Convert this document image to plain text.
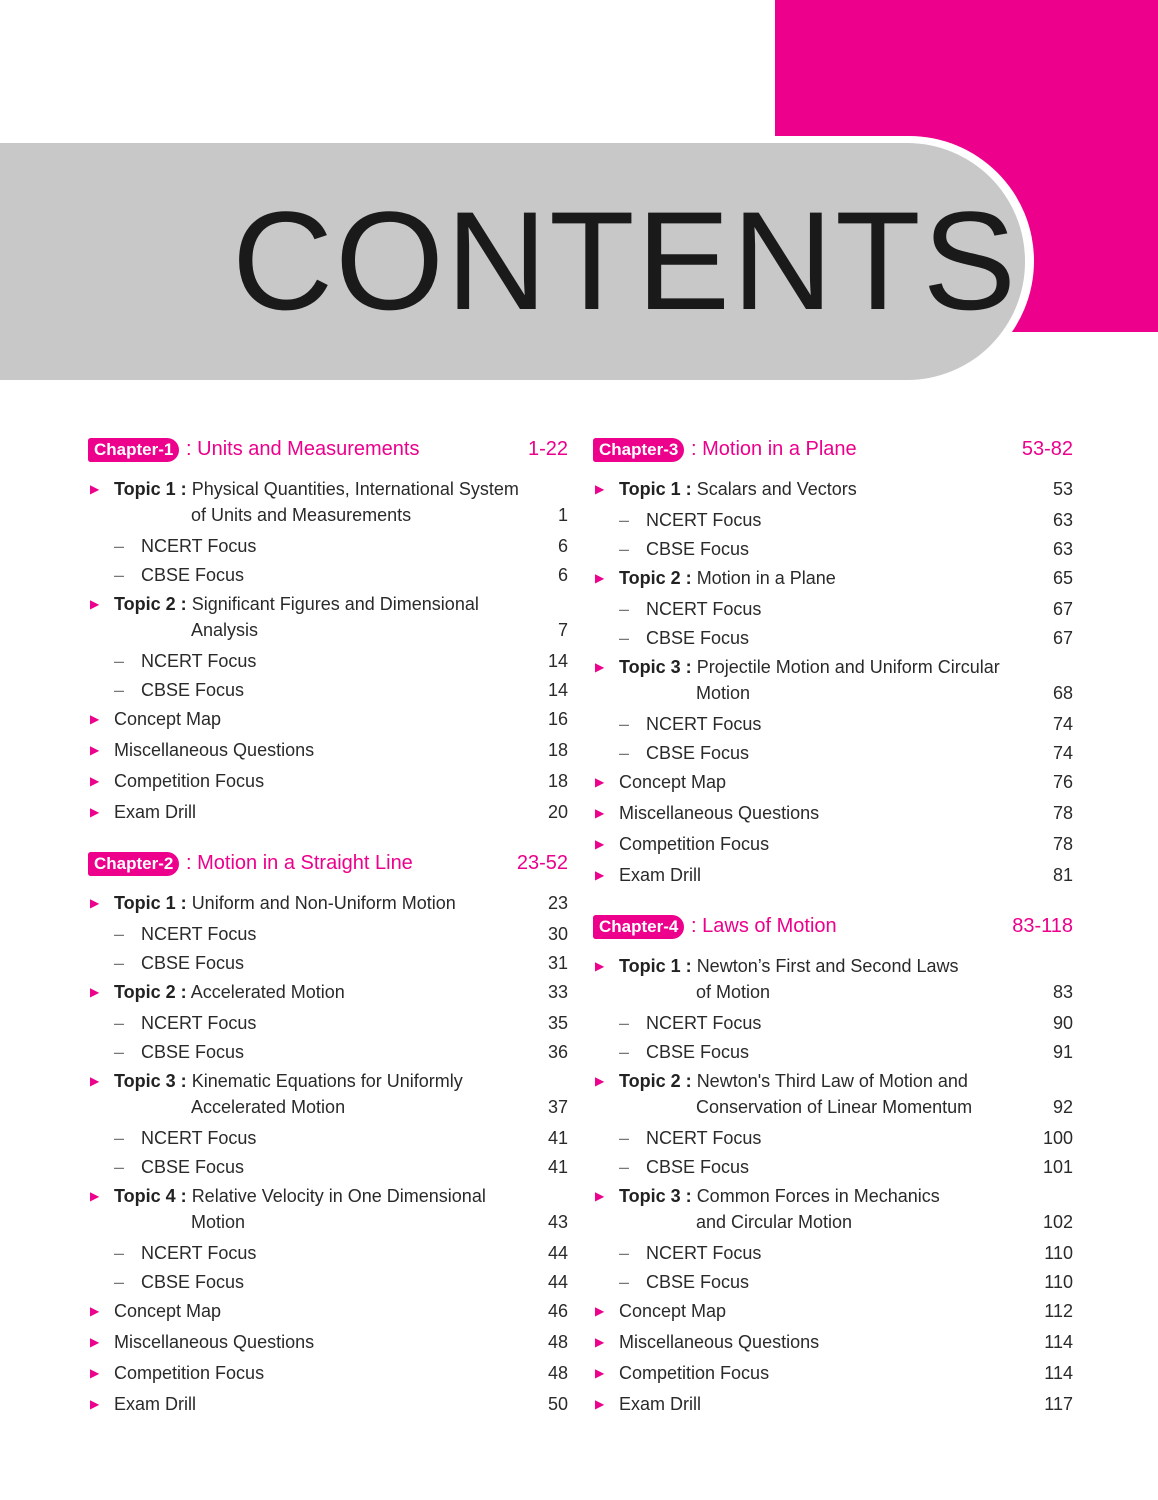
CONTENTS
Chapter-1 : Units and Measurements	1-22
▶ Topic 1 : Physical Quantities, International System
of Units and Measurements	1
– NCERT Focus	6
– CBSE Focus	6
▶ Topic 2 : Significant Figures and Dimensional
Analysis	7
– NCERT Focus	14
– CBSE Focus	14
▶ Concept Map	16
▶ Miscellaneous Questions	18
▶ Competition Focus	18
▶ Exam Drill	20
Chapter-2 : Motion in a Straight Line	23-52
▶ Topic 1 : Uniform and Non-Uniform Motion	23
– NCERT Focus	30
– CBSE Focus	31
▶ Topic 2 : Accelerated Motion	33
– NCERT Focus	35
– CBSE Focus	36
▶ Topic 3 : Kinematic Equations for Uniformly
Accelerated Motion	37
– NCERT Focus	41
– CBSE Focus	41
▶ Topic 4 : Relative Velocity in One Dimensional
Motion	43
– NCERT Focus	44
– CBSE Focus	44
▶ Concept Map	46
▶ Miscellaneous Questions	48
▶ Competition Focus	48
▶ Exam Drill	50
Chapter-3 : Motion in a Plane	53-82
▶ Topic 1 : Scalars and Vectors	53
– NCERT Focus	63
– CBSE Focus	63
▶ Topic 2 : Motion in a Plane	65
– NCERT Focus	67
– CBSE Focus	67
▶ Topic 3 : Projectile Motion and Uniform Circular
Motion	68
– NCERT Focus	74
– CBSE Focus	74
▶ Concept Map	76
▶ Miscellaneous Questions	78
▶ Competition Focus	78
▶ Exam Drill	81
Chapter-4 : Laws of Motion	83-118
▶ Topic 1 : Newton’s First and Second Laws
of Motion	83
– NCERT Focus	90
– CBSE Focus	91
▶ Topic 2 : Newton's Third Law of Motion and
Conservation of Linear Momentum	92
– NCERT Focus	100
– CBSE Focus	101
▶ Topic 3 : Common Forces in Mechanics
and Circular Motion	102
– NCERT Focus	110
– CBSE Focus	110
▶ Concept Map	112
▶ Miscellaneous Questions	114
▶ Competition Focus	114
▶ Exam Drill	117
